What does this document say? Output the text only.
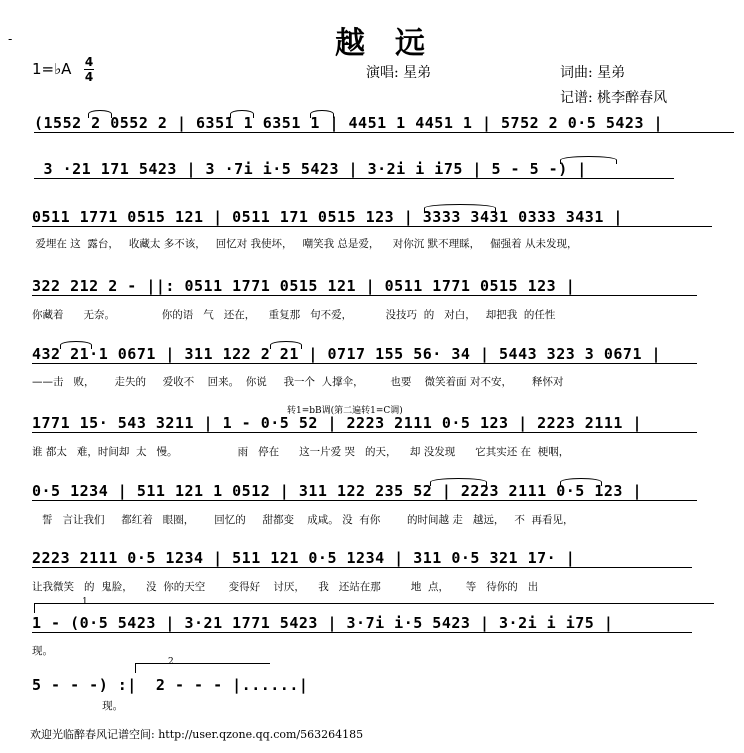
-	越远
1=♭A 4
4	演唱: 星弟	词曲: 星弟
记谱: 桃李醉春风
(1552 2 0552 2 | 6351 1 6351 1 | 4451 1 4451 1 | 5752 2 0·5 5423 |
3 ·21 171 5423 | 3 ·7i i·5 5423 | 3·2i i i75 | 5 - 5 -) |
0511 1771 0515 121 | 0511 171 0515 123 | 3333 3431 0333 3431 |
爱埋在 这  露台，   收藏太 多不该，   回忆对 我使坏，   嘲笑我 总是爱，    对你沉 默不理睬，   倔强着 从未发现，
322 212 2 - ||: 0511 1771 0515 121 | 0511 1771 0515 123 |
你藏着      无奈。              你的语   气   还在，    重复那   句不爱，          没技巧  的   对白，   却把我  的任性
432 21·1 0671 | 311 122 2 21 | 0717 155 56· 34 | 5443 323 3 0671 |
——击   败，      走失的     爱收不    回来。  你说     我一个  人撑伞，        也要    微笑着面 对不安，      释怀对
转1=bB调(第二遍转1=C调)
1771 15· 543 3211 | 1 - 0·5 52 | 2223 2111 0·5 123 | 2223 2111 |
谁 都太   难，时间却  太   慢。                  雨   停在      这一片爱 哭   的天，    却 没发现      它其实还 在  梗咽，
0·5 1234 | 511 121 1 0512 | 311 122 235 52 | 2223 2111 0·5 123 |
誓   言让我们     都红着   眼圈，      回忆的     甜都变    成咸。 没  有你        的时间越 走   越远，   不  再看见，
2223 2111 0·5 1234 | 511 121 0·5 1234 | 311 0·5 321 17· |
让我微笑   的  鬼脸，    没  你的天空       变得好    讨厌，    我   还站在那         地  点，     等   待你的   出
1
1 - (0·5 5423 | 3·21 1771 5423 | 3·7i i·5 5423 | 3·2i i i75 |
现。
2
5 - - -) :|  2 - - - |......|
现。
欢迎光临醉春风记谱空间: http://user.qzone.qq.com/563264185
